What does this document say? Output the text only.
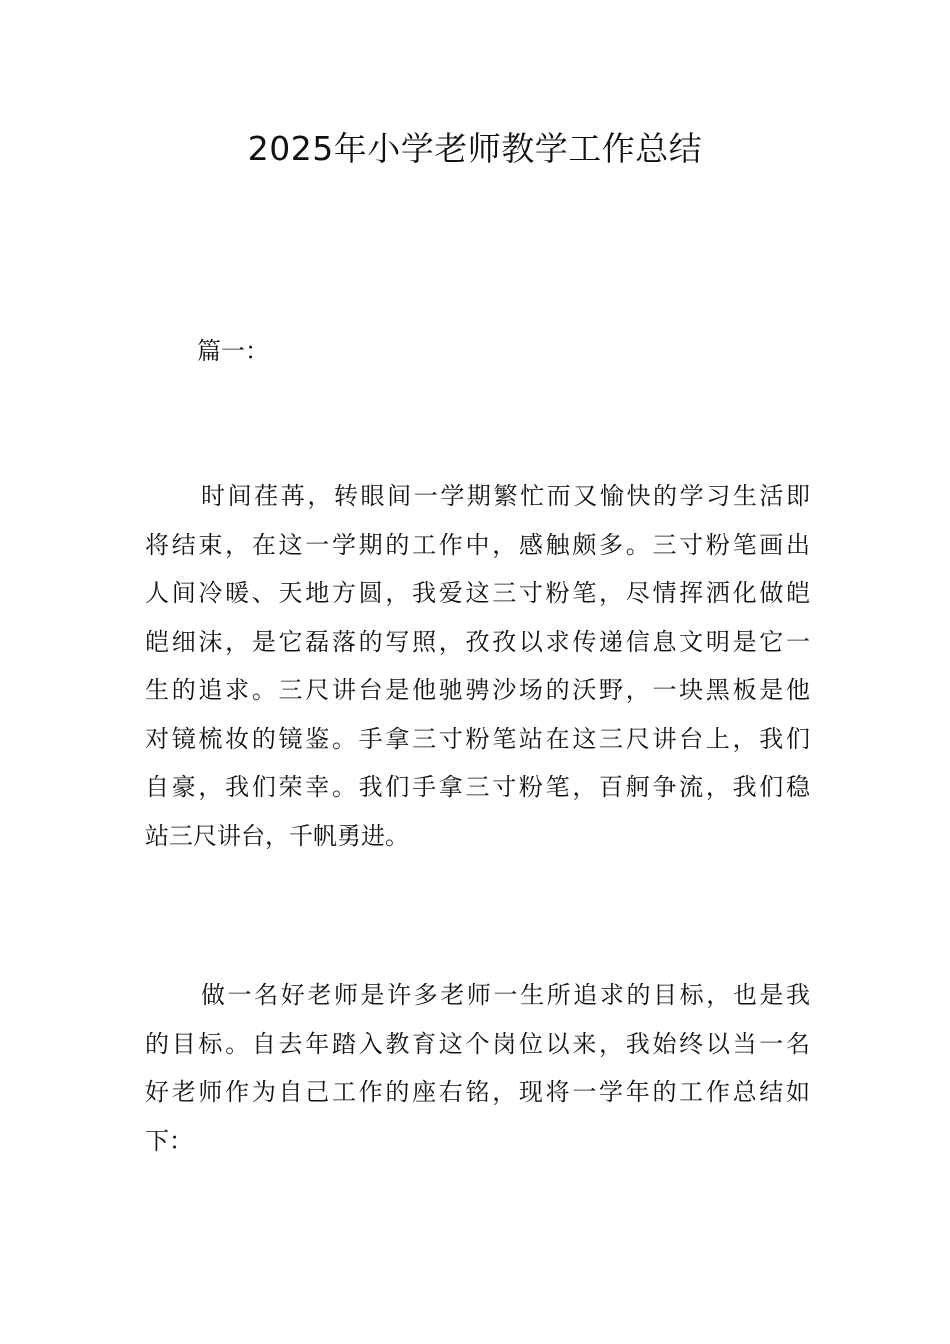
2025年小学老师教学工作总结
篇一：
时间荏苒，转眼间一学期繁忙而又愉快的学习生活即
将结束，在这一学期的工作中，感触颇多。三寸粉笔画出
人间冷暖、天地方圆，我爱这三寸粉笔，尽情挥洒化做皑
皑细沫，是它磊落的写照，孜孜以求传递信息文明是它一
生的追求。三尺讲台是他驰骋沙场的沃野，一块黑板是他
对镜梳妆的镜鉴。手拿三寸粉笔站在这三尺讲台上，我们
自豪，我们荣幸。我们手拿三寸粉笔，百舸争流，我们稳
站三尺讲台，千帆勇进。
做一名好老师是许多老师一生所追求的目标，也是我
的目标。自去年踏入教育这个岗位以来，我始终以当一名
好老师作为自己工作的座右铭，现将一学年的工作总结如
下：
